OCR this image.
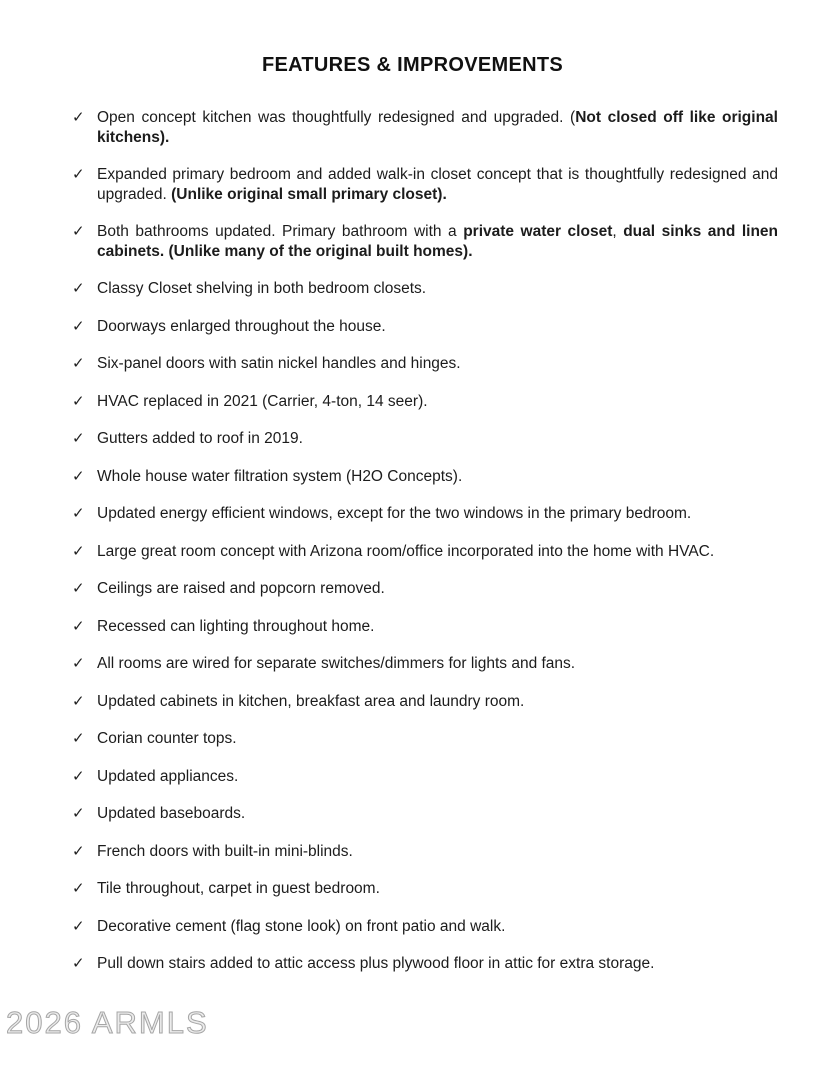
FEATURES & IMPROVEMENTS
✓ Open concept kitchen was thoughtfully redesigned and upgraded. (Not closed off like original kitchens).
✓ Expanded primary bedroom and added walk-in closet concept that is thoughtfully redesigned and upgraded. (Unlike original small primary closet).
✓ Both bathrooms updated. Primary bathroom with a private water closet, dual sinks and linen cabinets. (Unlike many of the original built homes).
✓ Classy Closet shelving in both bedroom closets.
✓ Doorways enlarged throughout the house.
✓ Six-panel doors with satin nickel handles and hinges.
✓ HVAC replaced in 2021 (Carrier, 4-ton, 14 seer).
✓ Gutters added to roof in 2019.
✓ Whole house water filtration system (H2O Concepts).
✓ Updated energy efficient windows, except for the two windows in the primary bedroom.
✓ Large great room concept with Arizona room/office incorporated into the home with HVAC.
✓ Ceilings are raised and popcorn removed.
✓ Recessed can lighting throughout home.
✓ All rooms are wired for separate switches/dimmers for lights and fans.
✓ Updated cabinets in kitchen, breakfast area and laundry room.
✓ Corian counter tops.
✓ Updated appliances.
✓ Updated baseboards.
✓ French doors with built-in mini-blinds.
✓ Tile throughout, carpet in guest bedroom.
✓ Decorative cement (flag stone look) on front patio and walk.
✓ Pull down stairs added to attic access plus plywood floor in attic for extra storage.
2026 ARMLS
